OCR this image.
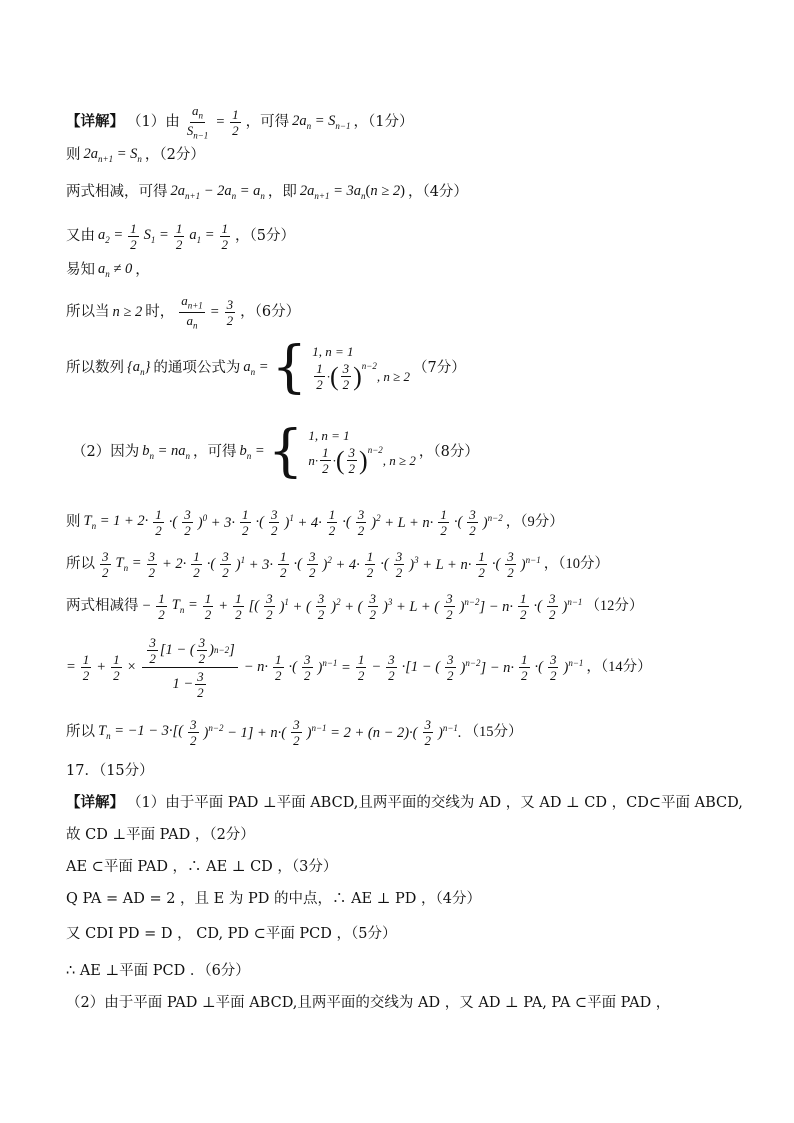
【详解】 （1）由 $\frac{a_n}{S_{n-1}} = \frac{1}{2}$ ，可得 $2a_n = S_{n-1}$ ，（1分）
则 $2a_{n+1} = S_n$ ，（2分）
两式相减，可得 $2a_{n+1} - 2a_n = a_n$ ，即 $2a_{n+1} = 3a_n(n \ge 2)$ ，（4分）
又由 $a_2 = \frac{1}{2} S_1 = \frac{1}{2} a_1 = \frac{1}{2}$ ，（5分）
易知 $a_n \ne 0$ ，
所以当 n ≥ 2 时， $\frac{a_{n+1}}{a_n} = \frac{3}{2}$ ，（6分）
所以数列 $\{a_n\}$ 的通项公式为 $a_n$ = { 1, n = 1
$\frac{1}{2}$ · ( $\frac{3}{2} )^{n-2}$
, n ≥ 2
（7分）
（2）因为 $b_n = na_n$ ，可得 $b_n$ = { 1, n = 1
$n\cdot \frac{1}{2}$ · ( $\frac{3}{2} )^{n-2}$
, n ≥ 2
，（8分）
则 $T_n = 1 + 2\cdot \frac{1}{2}$ ·( $\frac{3}{2} )^0 + 3\cdot \frac{1}{2}$ ·( $\frac{3}{2} )^1 + 4\cdot \frac{1}{2}$ ·( $\frac{3}{2} )^2 + L + n\cdot \frac{1}{2}$ ·( $\frac{3}{2} )^{n-2}$ ，（9分）
所以 $\frac{3}{2} T_n = \frac{3}{2} + 2\cdot \frac{1}{2}$ ·( $\frac{3}{2} )^1 + 3\cdot \frac{1}{2}$ ·( $\frac{3}{2} )^2 + 4\cdot \frac{1}{2}$ ·( $\frac{3}{2} )^3 + L + n\cdot \frac{1}{2}$ ·( $\frac{3}{2} )^{n-1}$ ，（10分）
两式相减得 − $\frac{1}{2} T_n = \frac{1}{2} + \frac{1}{2}$ [( $\frac{3}{2} )^1$ + ( $\frac{3}{2} )^2$ + ( $\frac{3}{2} )^3 + L$ + ( $\frac{3}{2} )^{n-2}] - n\cdot \frac{1}{2}$ ·( $\frac{3}{2} )^{n-1}$ （12分）
= $\frac{1}{2} + \frac{1}{2} \times \frac{\frac{3}{2} [1 - ( \frac{3}{2} ) n-2 ]}{1 - \frac{3}{2}} - n\cdot \frac{1}{2}$ ·( $\frac{3}{2} )^{n-1} = \frac{1}{2} - \frac{3}{2} \cdot[1$ − ( $\frac{3}{2} )^{n-2}] - n\cdot \frac{1}{2}$ ·( $\frac{3}{2} )^{n-1}$ ，（14分）
所以 $T_n = -1 - 3\cdot[( \frac{3}{2} )^{n-2} - 1] + n\cdot( \frac{3}{2} )^{n-1} = 2 + (n - 2)\cdot( \frac{3}{2} )^{n-1}$. （15分）
17．（15分）
【详解】 （1）由于平面 PAD ⊥平面 ABCD,且两平面的交线为 AD ，又 AD ⊥ CD ，CD⊂平面 ABCD,
故 CD ⊥平面 PAD ，（2分）
AE ⊂平面 PAD ，∴ AE ⊥ CD ，（3分）
Q PA = AD = 2 ，且 E 为 PD 的中点，∴ AE ⊥ PD ，（4分）
又 CDI PD = D ， CD, PD ⊂平面 PCD ，（5分）
∴ AE ⊥平面 PCD ．（6分）
（2）由于平面 PAD ⊥平面 ABCD,且两平面的交线为 AD ，又 AD ⊥ PA, PA ⊂平面 PAD ，
